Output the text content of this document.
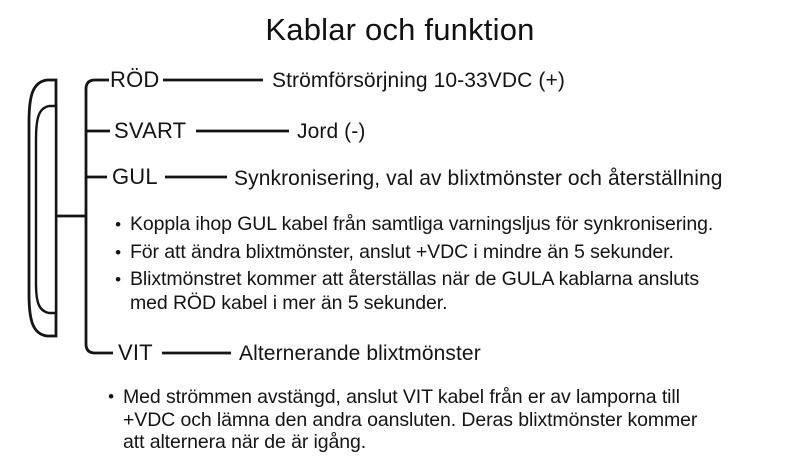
Kablar och funktion
RÖD	Strömförsörjning 10-33VDC (+)
SVART	Jord (-)
GUL	Synkronisering, val av blixtmönster och återställning
• Koppla ihop GUL kabel från samtliga varningsljus för synkronisering.
• För att ändra blixtmönster, anslut +VDC i mindre än 5 sekunder.
• Blixtmönstret kommer att återställas när de GULA kablarna ansluts
med RÖD kabel i mer än 5 sekunder.
VIT	Alternerande blixtmönster
• Med strömmen avstängd, anslut VIT kabel från er av lamporna till
+VDC och lämna den andra oansluten. Deras blixtmönster kommer
att alternera när de är igång.
